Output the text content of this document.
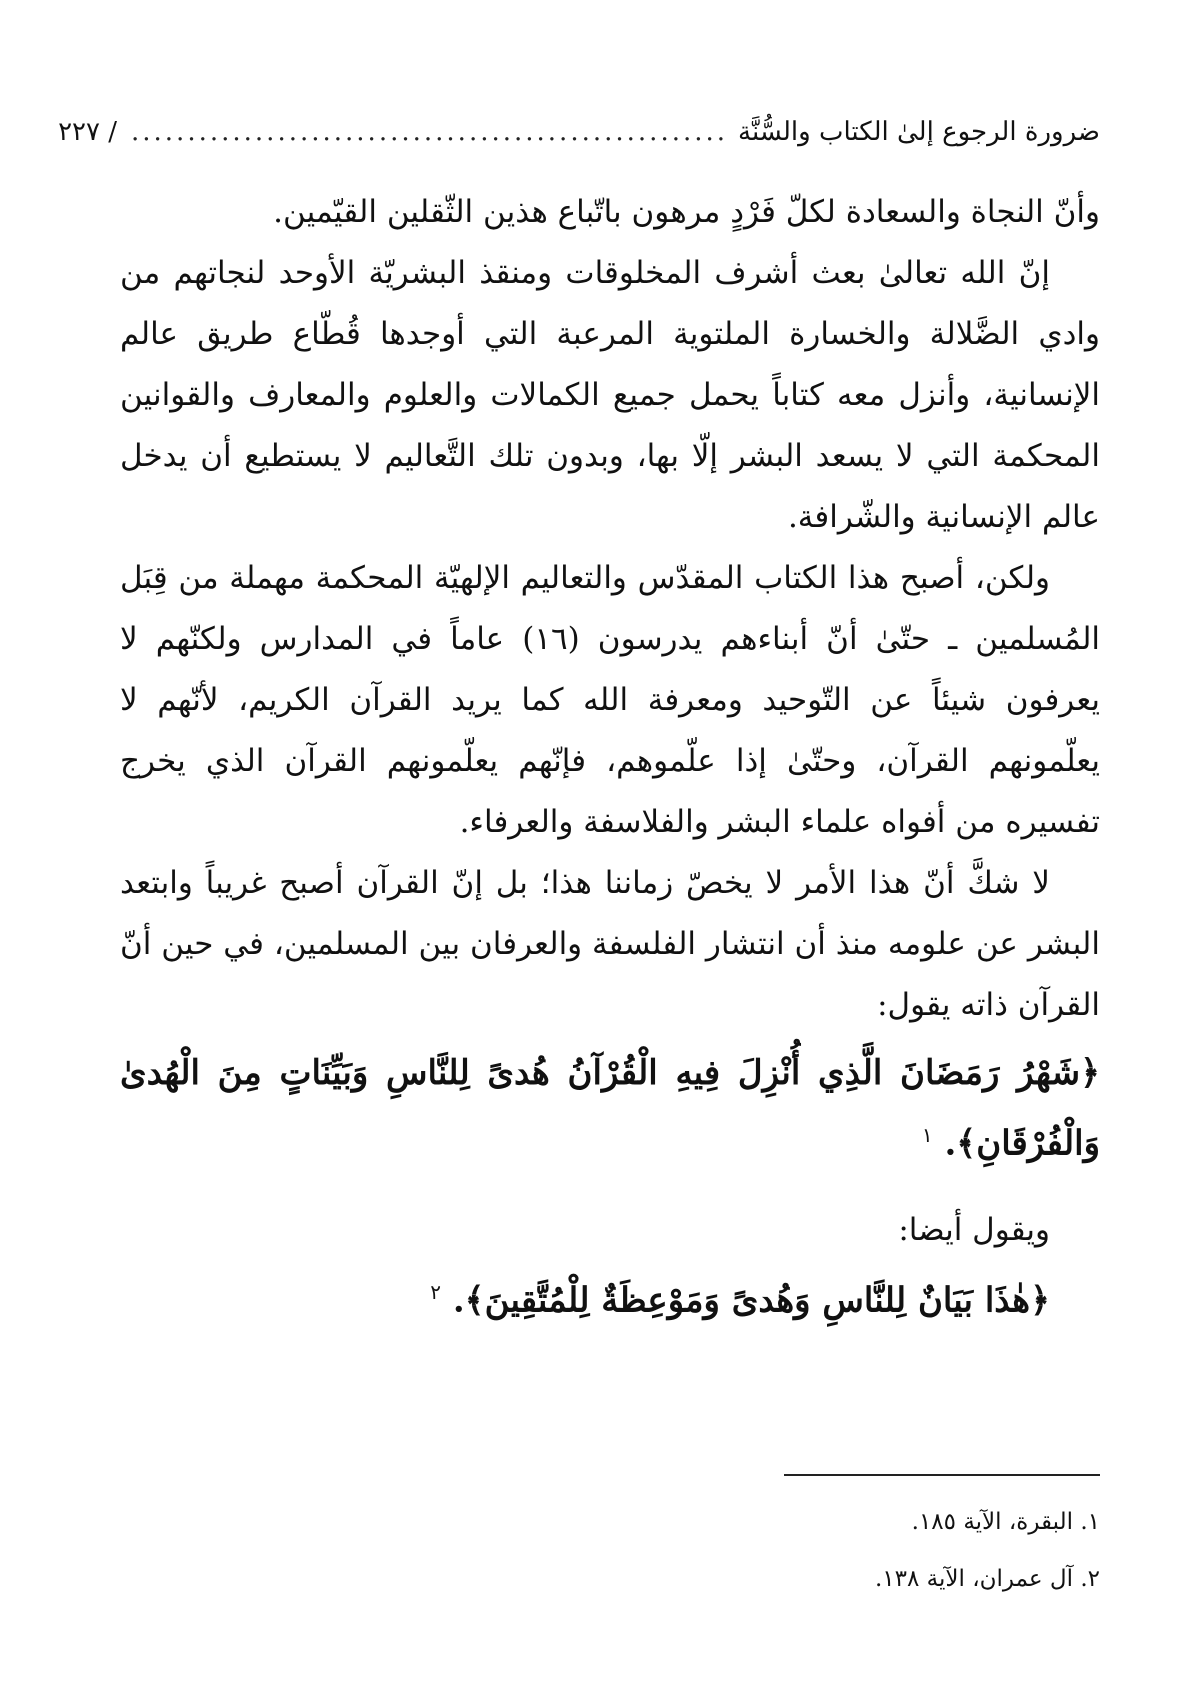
ضرورة الرجوع إلىٰ الكتاب والسُّنَّة
.....................................................
/ ٢٢٧

وأنّ النجاة والسعادة لكلّ فَرْدٍ مرهون باتّباع هذين الثّقلين القيّمين.

إنّ الله تعالىٰ بعث أشرف المخلوقات ومنقذ البشريّة الأوحد لنجاتهم من وادي الضَّلالة والخسارة الملتوية المرعبة التي أوجدها قُطّاع طريق عالم الإنسانية، وأنزل معه كتاباً يحمل جميع الكمالات والعلوم والمعارف والقوانين المحكمة التي لا يسعد البشر إلّا بها، وبدون تلك التَّعاليم لا يستطيع أن يدخل عالم الإنسانية والشّرافة.

ولكن، أصبح هذا الكتاب المقدّس والتعاليم الإلهيّة المحكمة مهملة من قِبَل المُسلمين ـ حتّىٰ أنّ أبناءهم يدرسون (١٦) عاماً في المدارس ولكنّهم لا يعرفون شيئاً عن التّوحيد ومعرفة الله كما يريد القرآن الكريم، لأنّهم لا يعلّمونهم القرآن، وحتّىٰ إذا علّموهم، فإنّهم يعلّمونهم القرآن الذي يخرج تفسيره من أفواه علماء البشر والفلاسفة والعرفاء.

لا شكَّ أنّ هذا الأمر لا يخصّ زماننا هذا؛ بل إنّ القرآن أصبح غريباً وابتعد البشر عن علومه منذ أن انتشار الفلسفة والعرفان بين المسلمين، في حين أنّ القرآن ذاته يقول:

﴿شَهْرُ رَمَضَانَ الَّذِي أُنْزِلَ فِيهِ الْقُرْآنُ هُدىً لِلنَّاسِ وَبَيِّنَاتٍ مِنَ الْهُدىٰ وَالْفُرْقَانِ﴾. $^١$

ويقول أيضا:

﴿هٰذَا بَيَانٌ لِلنَّاسِ وَهُدىً وَمَوْعِظَةٌ لِلْمُتَّقِينَ﴾. $^٢$

١. البقرة، الآية ١٨٥.
٢. آل عمران، الآية ١٣٨.
